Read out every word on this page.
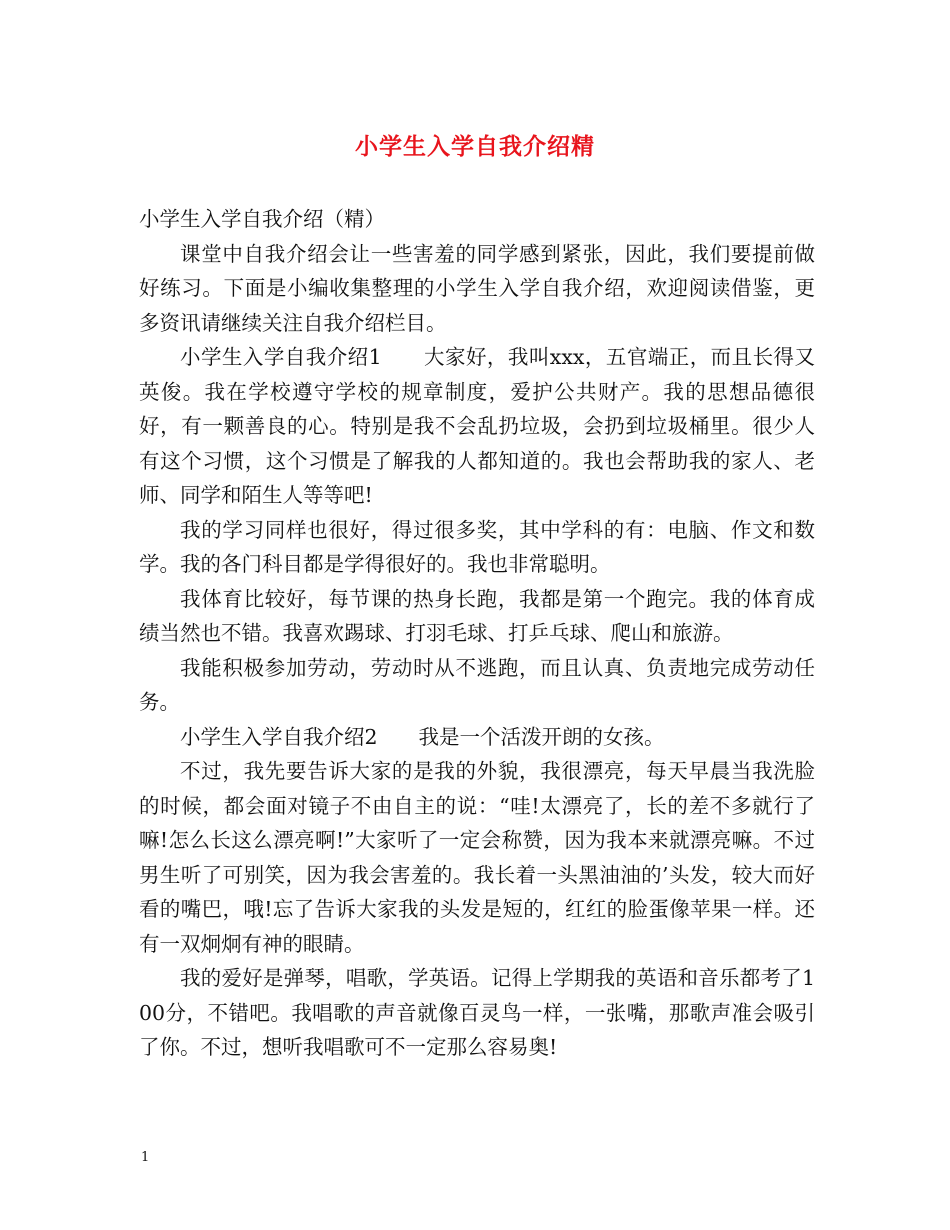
小学生入学自我介绍精

小学生入学自我介绍（精）

课堂中自我介绍会让一些害羞的同学感到紧张，因此，我们要提前做好练习。下面是小编收集整理的小学生入学自我介绍，欢迎阅读借鉴，更多资讯请继续关注自我介绍栏目。

小学生入学自我介绍1　　大家好，我叫xxx，五官端正，而且长得又英俊。我在学校遵守学校的规章制度，爱护公共财产。我的思想品德很好，有一颗善良的心。特别是我不会乱扔垃圾，会扔到垃圾桶里。很少人有这个习惯，这个习惯是了解我的人都知道的。我也会帮助我的家人、老师、同学和陌生人等等吧!

我的学习同样也很好，得过很多奖，其中学科的有：电脑、作文和数学。我的各门科目都是学得很好的。我也非常聪明。

我体育比较好，每节课的热身长跑，我都是第一个跑完。我的体育成绩当然也不错。我喜欢踢球、打羽毛球、打乒乓球、爬山和旅游。

我能积极参加劳动，劳动时从不逃跑，而且认真、负责地完成劳动任务。

小学生入学自我介绍2　　我是一个活泼开朗的女孩。

不过，我先要告诉大家的是我的外貌，我很漂亮，每天早晨当我洗脸的时候，都会面对镜子不由自主的说：“哇!太漂亮了，长的差不多就行了嘛!怎么长这么漂亮啊!”大家听了一定会称赞，因为我本来就漂亮嘛。不过男生听了可别笑，因为我会害羞的。我长着一头黑油油的’头发，较大而好看的嘴巴，哦!忘了告诉大家我的头发是短的，红红的脸蛋像苹果一样。还有一双炯炯有神的眼睛。

我的爱好是弹琴，唱歌，学英语。记得上学期我的英语和音乐都考了100分，不错吧。我唱歌的声音就像百灵鸟一样，一张嘴，那歌声准会吸引了你。不过，想听我唱歌可不一定那么容易奥!

1
